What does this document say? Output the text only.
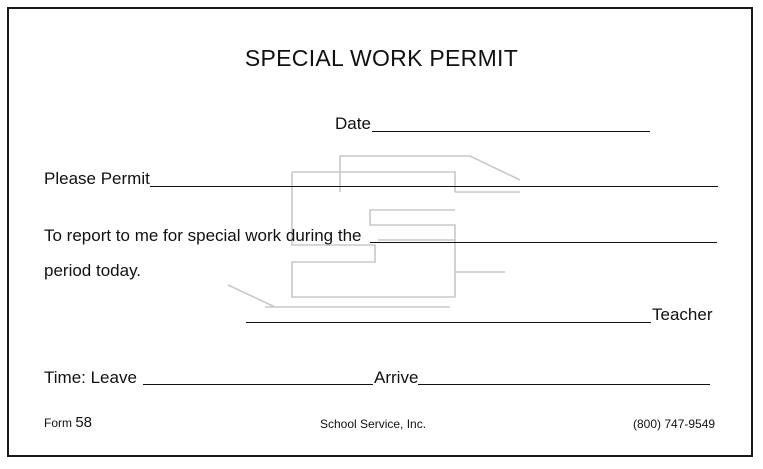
SPECIAL WORK PERMIT
Date
Please Permit
To report to me for special work during the
period today.
Teacher
Time: Leave	Arrive
Form 58	School Service, Inc.	(800) 747-9549
